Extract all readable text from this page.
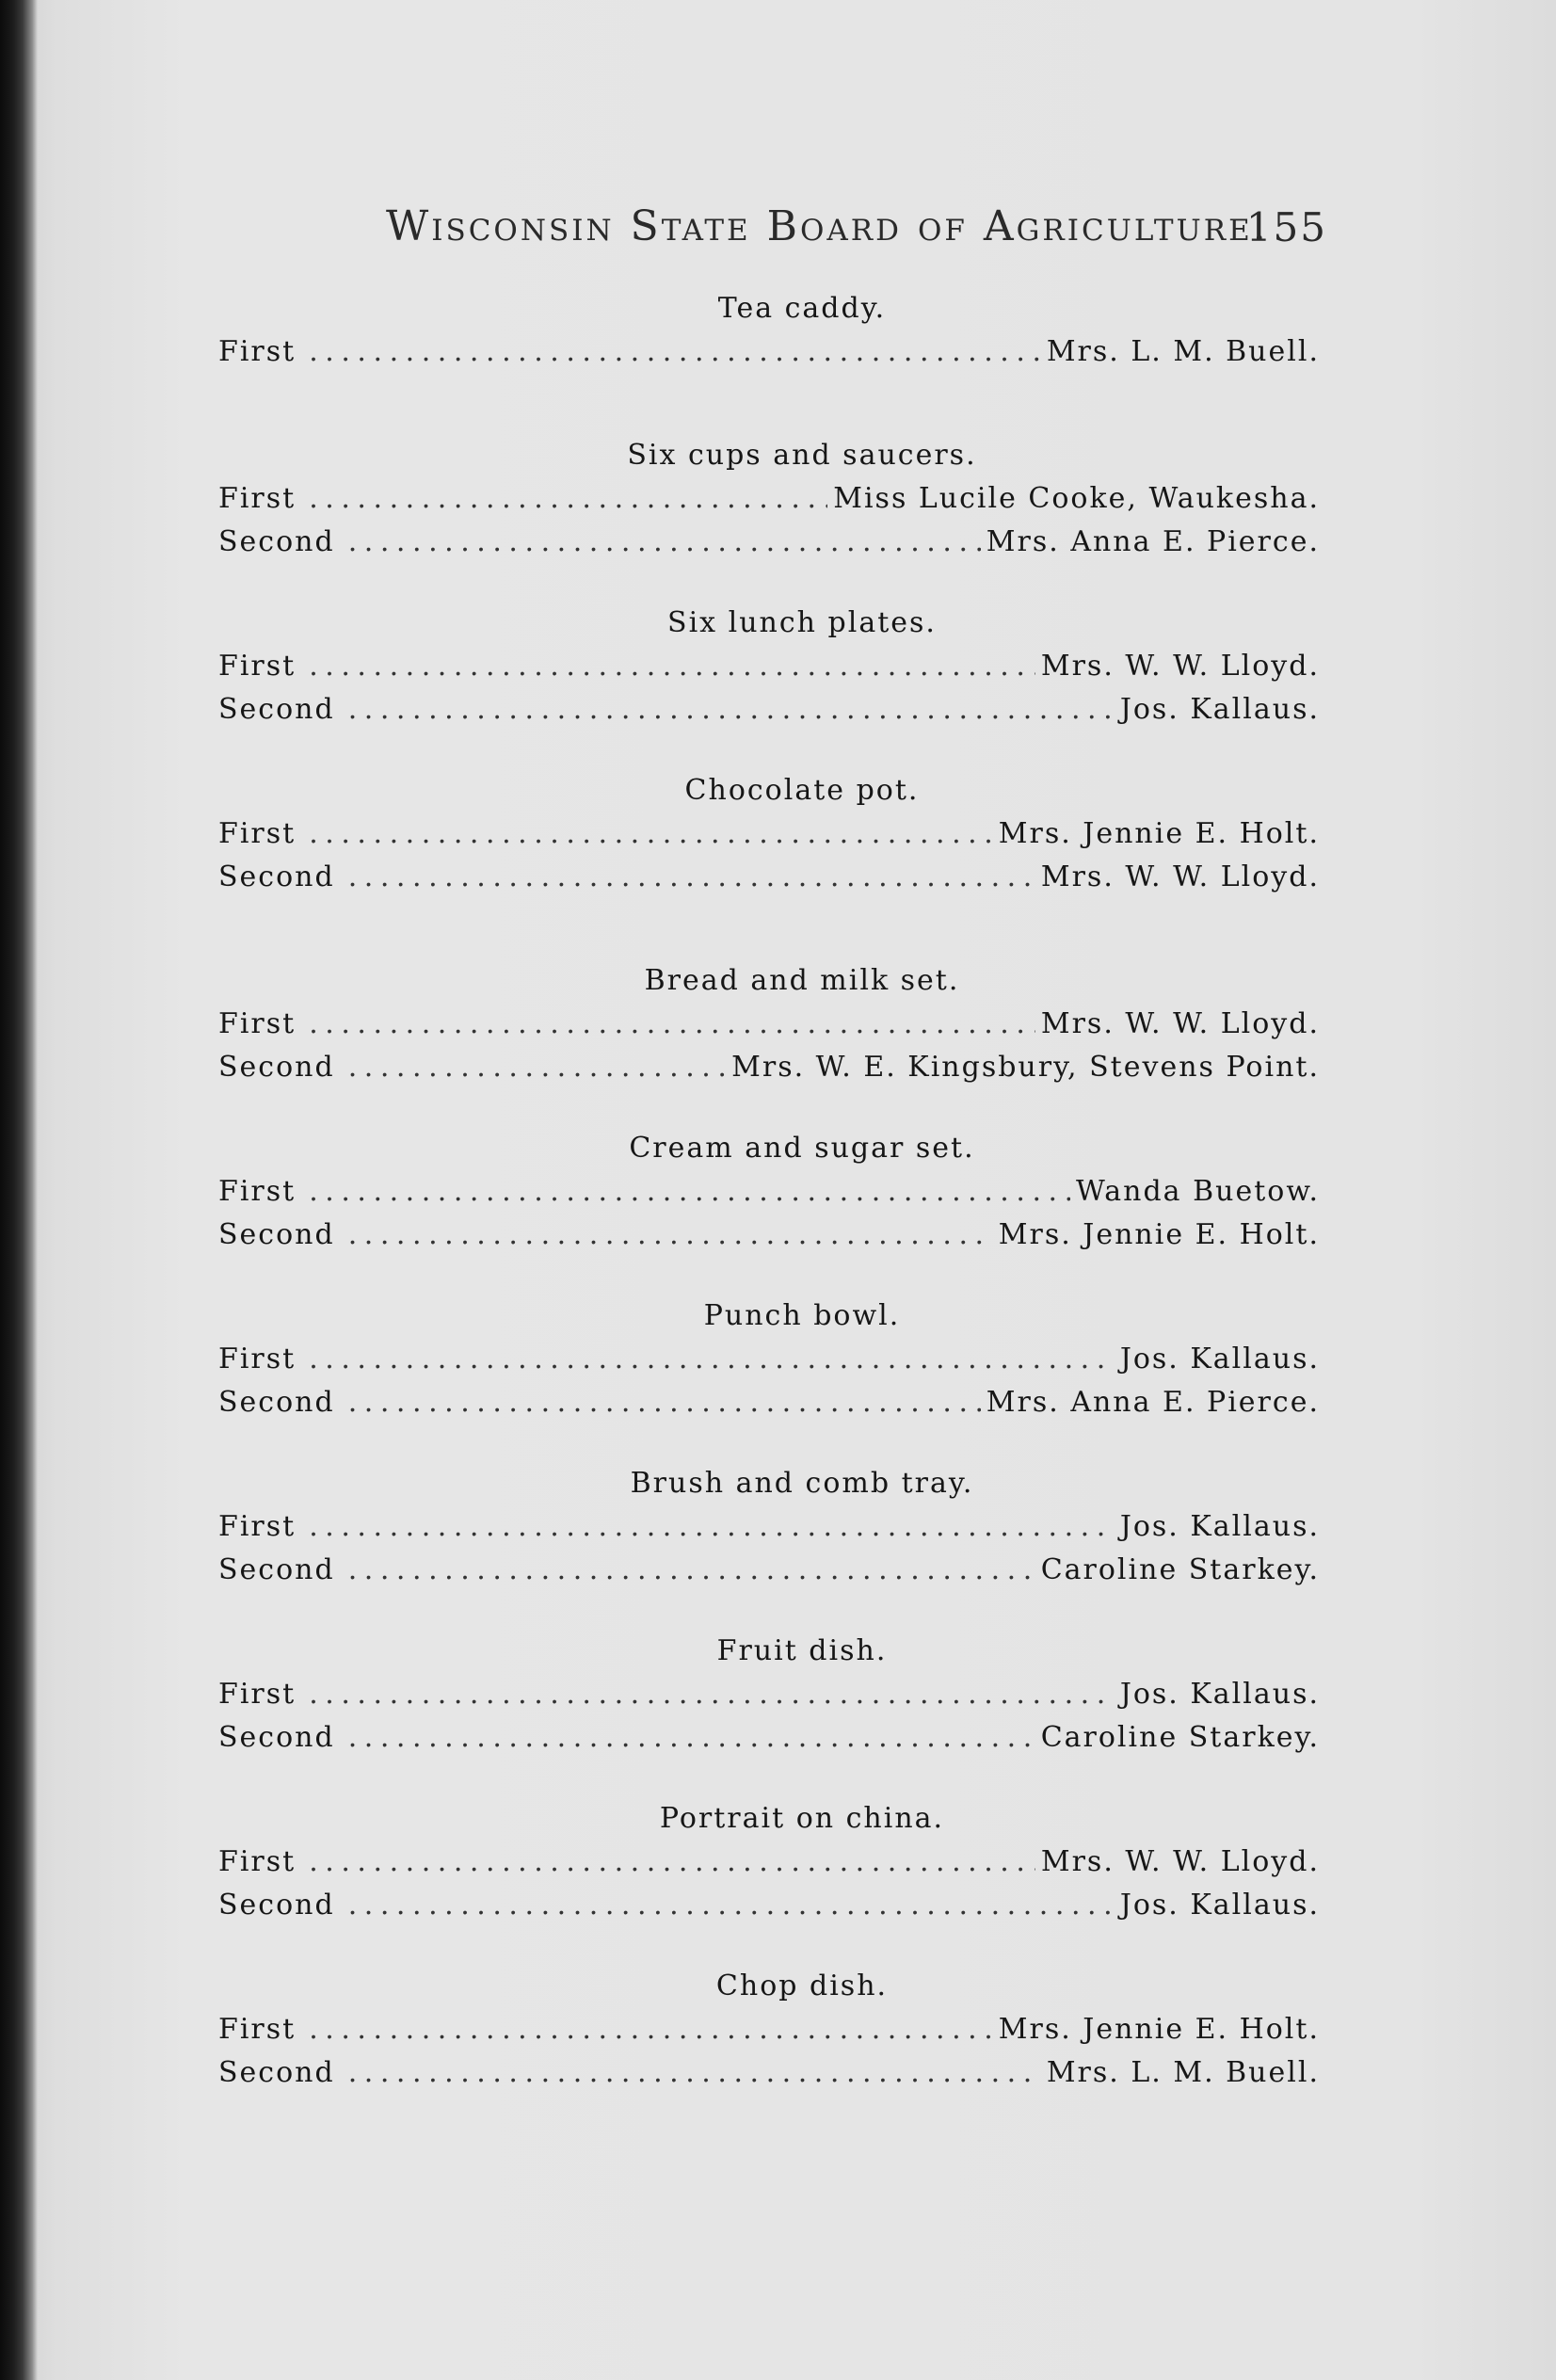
Wisconsin State Board of Agriculture.
155
Tea caddy.
First . . .	Mrs. L. M. Buell.
Six cups and saucers.
First . . .	Miss Lucile Cooke, Waukesha.
Second . . .	Mrs. Anna E. Pierce.
Six lunch plates.
First . . .	Mrs. W. W. Lloyd.
Second . . .	Jos. Kallaus.
Chocolate pot.
First . . .	Mrs. Jennie E. Holt.
Second . . .	Mrs. W. W. Lloyd.
Bread and milk set.
First . . .	Mrs. W. W. Lloyd.
Second . . .	Mrs. W. E. Kingsbury, Stevens Point.
Cream and sugar set.
First . . .	Wanda Buetow.
Second . . .	Mrs. Jennie E. Holt.
Punch bowl.
First . . .	Jos. Kallaus.
Second . . .	Mrs. Anna E. Pierce.
Brush and comb tray.
First . . .	Jos. Kallaus.
Second . . .	Caroline Starkey.
Fruit dish.
First . . .	Jos. Kallaus.
Second . . .	Caroline Starkey.
Portrait on china.
First . . .	Mrs. W. W. Lloyd.
Second . . .	Jos. Kallaus.
Chop dish.
First . . .	Mrs. Jennie E. Holt.
Second . . .	Mrs. L. M. Buell.
